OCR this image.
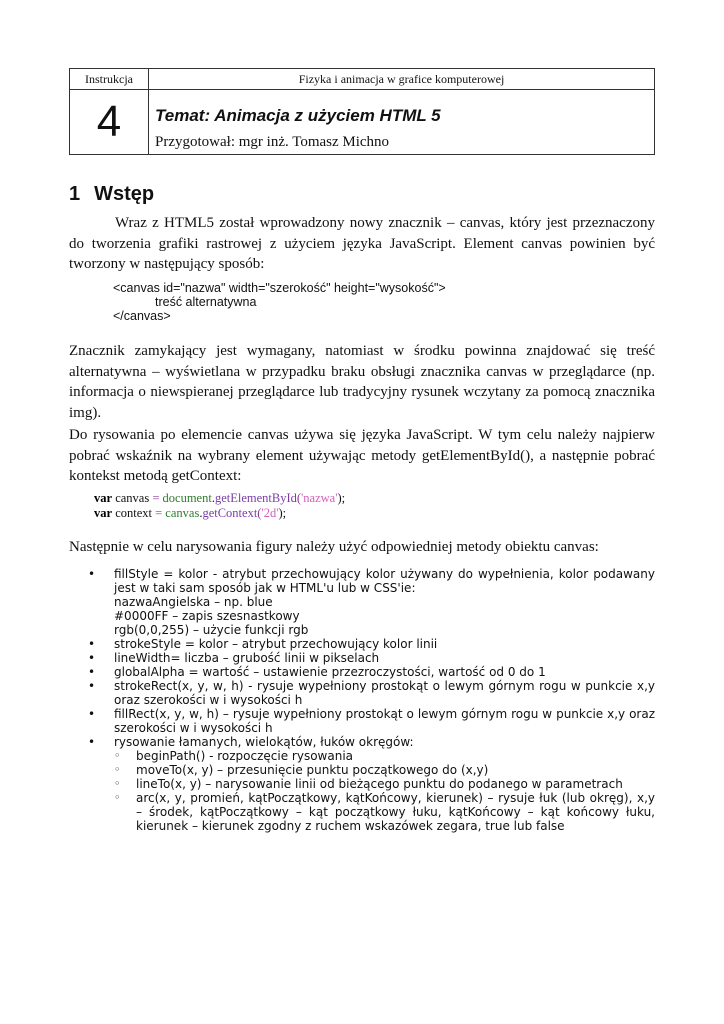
Instrukcja	Fizyka i animacja w grafice komputerowej
4	Temat: Animacja z użyciem HTML 5
Przygotował: mgr inż. Tomasz Michno
1 Wstęp
Wraz z HTML5 został wprowadzony nowy znacznik – canvas, który jest przeznaczony do tworzenia grafiki rastrowej z użyciem języka JavaScript. Element canvas powinien być tworzony w następujący sposób:
<canvas id="nazwa" width="szerokość" height="wysokość">
treść alternatywna
</canvas>
Znacznik zamykający jest wymagany, natomiast w środku powinna znajdować się treść alternatywna – wyświetlana w przypadku braku obsługi znacznika canvas w przeglądarce (np. informacja o niewspieranej przeglądarce lub tradycyjny rysunek wczytany za pomocą znacznika img).
Do rysowania po elemencie canvas używa się języka JavaScript. W tym celu należy najpierw pobrać wskaźnik na wybrany element używając metody getElementById(), a następnie pobrać kontekst metodą getContext:
var canvas = document.getElementById('nazwa');
var context = canvas.getContext('2d');
Następnie w celu narysowania figury należy użyć odpowiedniej metody obiektu canvas:
• fillStyle = kolor - atrybut przechowujący kolor używany do wypełnienia, kolor podawany jest w taki sam sposób jak w HTML'u lub w CSS'ie:
nazwaAngielska – np. blue
#0000FF – zapis szesnastkowy
rgb(0,0,255) – użycie funkcji rgb
• strokeStyle = kolor – atrybut przechowujący kolor linii
• lineWidth= liczba – grubość linii w pikselach
• globalAlpha = wartość – ustawienie przezroczystości, wartość od 0 do 1
• strokeRect(x, y, w, h) - rysuje wypełniony prostokąt o lewym górnym rogu w punkcie x,y oraz szerokości w i wysokości h
• fillRect(x, y, w, h) – rysuje wypełniony prostokąt o lewym górnym rogu w punkcie x,y oraz szerokości w i wysokości h
• rysowanie łamanych, wielokątów, łuków okręgów:
◦ beginPath() - rozpoczęcie rysowania
◦ moveTo(x, y) – przesunięcie punktu początkowego do (x,y)
◦ lineTo(x, y) – narysowanie linii od bieżącego punktu do podanego w parametrach
◦ arc(x, y, promień, kątPoczątkowy, kątKońcowy, kierunek) – rysuje łuk (lub okręg), x,y – środek, kątPoczątkowy – kąt początkowy łuku, kątKońcowy – kąt końcowy łuku, kierunek – kierunek zgodny z ruchem wskazówek zegara, true lub false
